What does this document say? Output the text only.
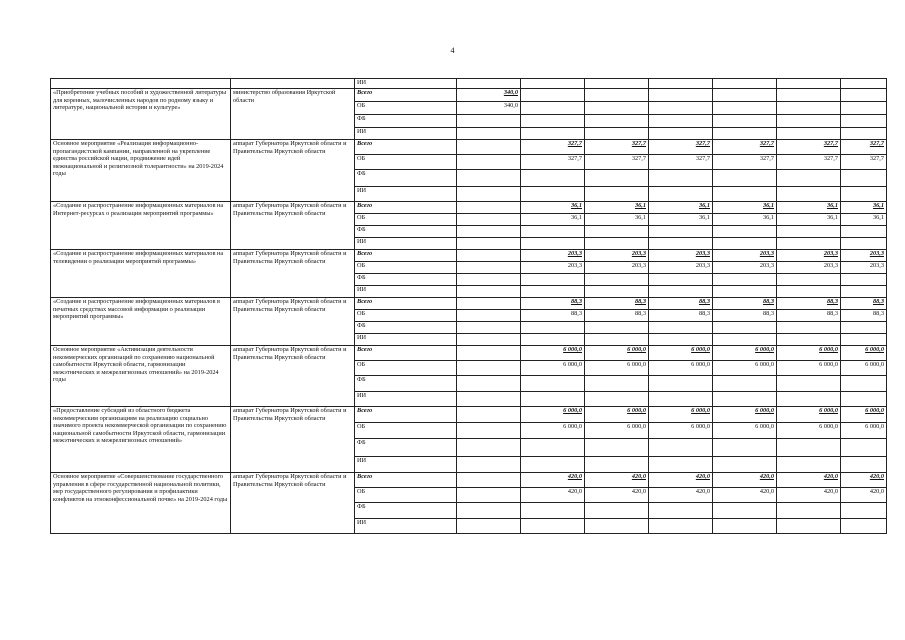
4
		ИИ							
«Приобретение учебных пособий и художественной литературы для коренных, малочисленных народов по родному языку и литературе, национальной истории и культуре»	министерство образования Иркутской области	Всего	340,0						
		ОБ	340,0						
		ФБ							
		ИИ							
Основное мероприятие «Реализация информационно-пропагандистской кампании, направленной на укрепление единства российской нации, продвижение идей межнациональной и религиозной толерантности» на 2019-2024 годы	аппарат Губернатора Иркутской области и Правительства Иркутской области	Всего		327,7	327,7	327,7	327,7	327,7	327,7
		ОБ		327,7	327,7	327,7	327,7	327,7	327,7
		ФБ							
		ИИ							
«Создание и распространение информационных материалов на Интернет-ресурсах о реализации мероприятий программы»	аппарат Губернатора Иркутской области и Правительства Иркутской области	Всего		36,1	36,1	36,1	36,1	36,1	36,1
		ОБ		36,1	36,1	36,1	36,1	36,1	36,1
		ФБ							
		ИИ							
«Создание и распространение информационных материалов на телевидении о реализации мероприятий программы»	аппарат Губернатора Иркутской области и Правительства Иркутской области	Всего		203,3	203,3	203,3	203,3	203,3	203,3
		ОБ		203,3	203,3	203,3	203,3	203,3	203,3
		ФБ							
		ИИ							
«Создание и распространение информационных материалов в печатных средствах массовой информации о реализации мероприятий программы»	аппарат Губернатора Иркутской области и Правительства Иркутской области	Всего		88,3	88,3	88,3	88,3	88,3	88,3
		ОБ		88,3	88,3	88,3	88,3	88,3	88,3
		ФБ							
		ИИ							
Основное мероприятие «Активизация деятельности некоммерческих организаций по сохранению национальной самобытности Иркутской области, гармонизации межэтнических и межрелигиозных отношений» на 2019-2024 годы	аппарат Губернатора Иркутской области и Правительства Иркутской области	Всего		6 000,0	6 000,0	6 000,0	6 000,0	6 000,0	6 000,0
		ОБ		6 000,0	6 000,0	6 000,0	6 000,0	6 000,0	6 000,0
		ФБ							
		ИИ							
«Предоставление субсидий из областного бюджета некоммерческим организациям на реализацию социально значимого проекта некоммерческой организации по сохранению национальной самобытности Иркутской области, гармонизации межэтнических и межрелигиозных отношений»	аппарат Губернатора Иркутской области и Правительства Иркутской области	Всего		6 000,0	6 000,0	6 000,0	6 000,0	6 000,0	6 000,0
		ОБ		6 000,0	6 000,0	6 000,0	6 000,0	6 000,0	6 000,0
		ФБ							
		ИИ							
Основное мероприятие «Совершенствование государственного управления в сфере государственной национальной политики, мер государственного регулирования и профилактики конфликтов на этноконфессиональной почве» на 2019-2024 годы	аппарат Губернатора Иркутской области и Правительства Иркутской области	Всего		420,0	420,0	420,0	420,0	420,0	420,0
		ОБ		420,0	420,0	420,0	420,0	420,0	420,0
		ФБ							
		ИИ							
